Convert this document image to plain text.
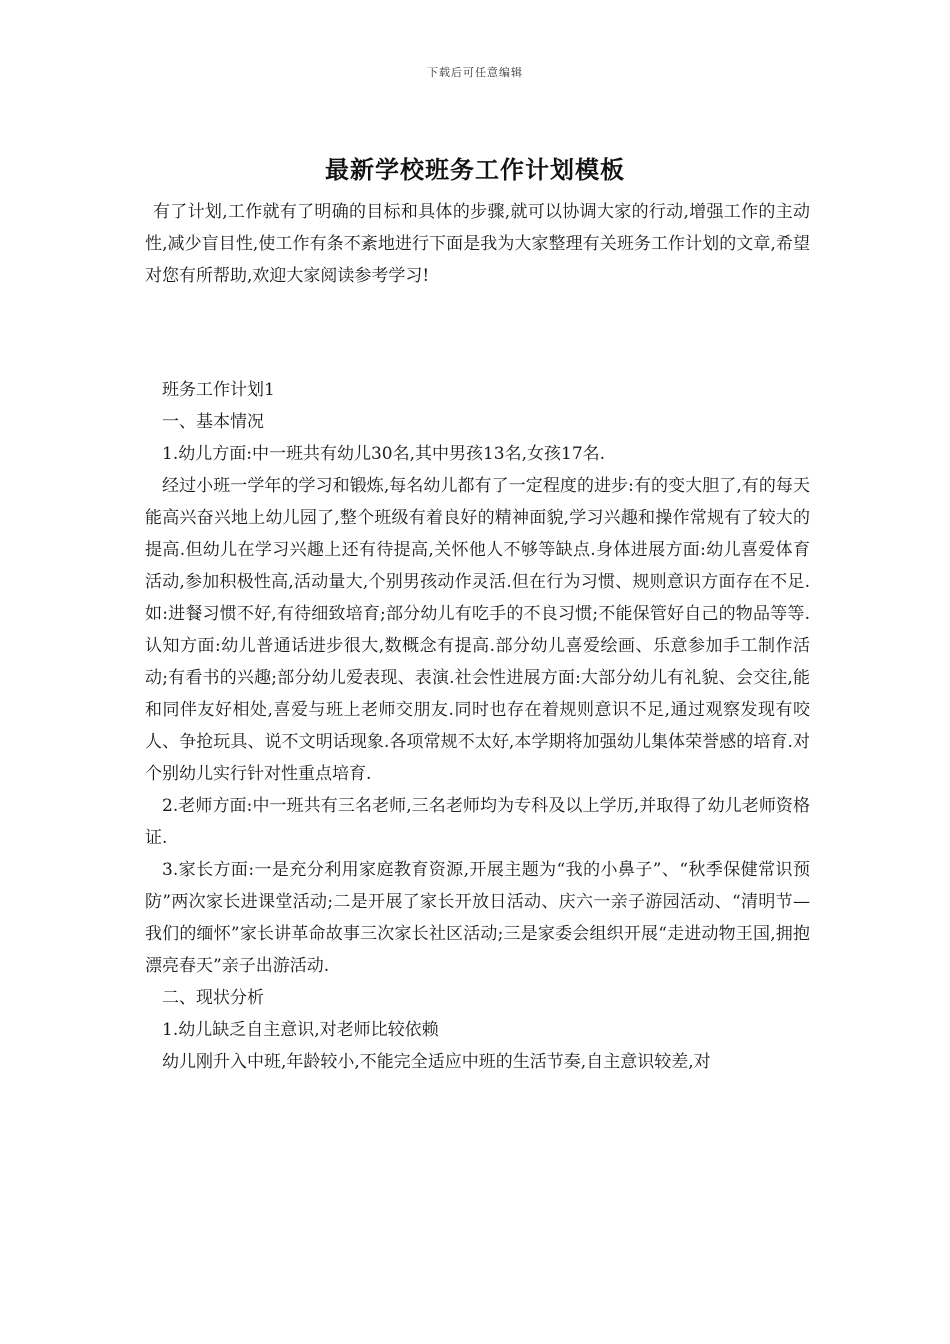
下载后可任意编辑
最新学校班务工作计划模板

有了计划,工作就有了明确的目标和具体的步骤,就可以协调大家的行动,增强工作的主动性,减少盲目性,使工作有条不紊地进行下面是我为大家整理有关班务工作计划的文章,希望对您有所帮助,欢迎大家阅读参考学习!

班务工作计划1

一、基本情况

1.幼儿方面:中一班共有幼儿30名,其中男孩13名,女孩17名.

经过小班一学年的学习和锻炼,每名幼儿都有了一定程度的进步:有的变大胆了,有的每天能高兴奋兴地上幼儿园了,整个班级有着良好的精神面貌,学习兴趣和操作常规有了较大的提高.但幼儿在学习兴趣上还有待提高,关怀他人不够等缺点.身体进展方面:幼儿喜爱体育活动,参加积极性高,活动量大,个别男孩动作灵活.但在行为习惯、规则意识方面存在不足.如:进餐习惯不好,有待细致培育;部分幼儿有吃手的不良习惯;不能保管好自己的物品等等.认知方面:幼儿普通话进步很大,数概念有提高.部分幼儿喜爱绘画、乐意参加手工制作活动;有看书的兴趣;部分幼儿爱表现、表演.社会性进展方面:大部分幼儿有礼貌、会交往,能和同伴友好相处,喜爱与班上老师交朋友.同时也存在着规则意识不足,通过观察发现有咬人、争抢玩具、说不文明话现象.各项常规不太好,本学期将加强幼儿集体荣誉感的培育.对个别幼儿实行针对性重点培育.

2.老师方面:中一班共有三名老师,三名老师均为专科及以上学历,并取得了幼儿老师资格证.

3.家长方面:一是充分利用家庭教育资源,开展主题为“我的小鼻子”、“秋季保健常识预防”两次家长进课堂活动;二是开展了家长开放日活动、庆六一亲子游园活动、“清明节—我们的缅怀”家长讲革命故事三次家长社区活动;三是家委会组织开展“走进动物王国,拥抱漂亮春天”亲子出游活动.

二、现状分析

1.幼儿缺乏自主意识,对老师比较依赖

幼儿刚升入中班,年龄较小,不能完全适应中班的生活节奏,自主意识较差,对
